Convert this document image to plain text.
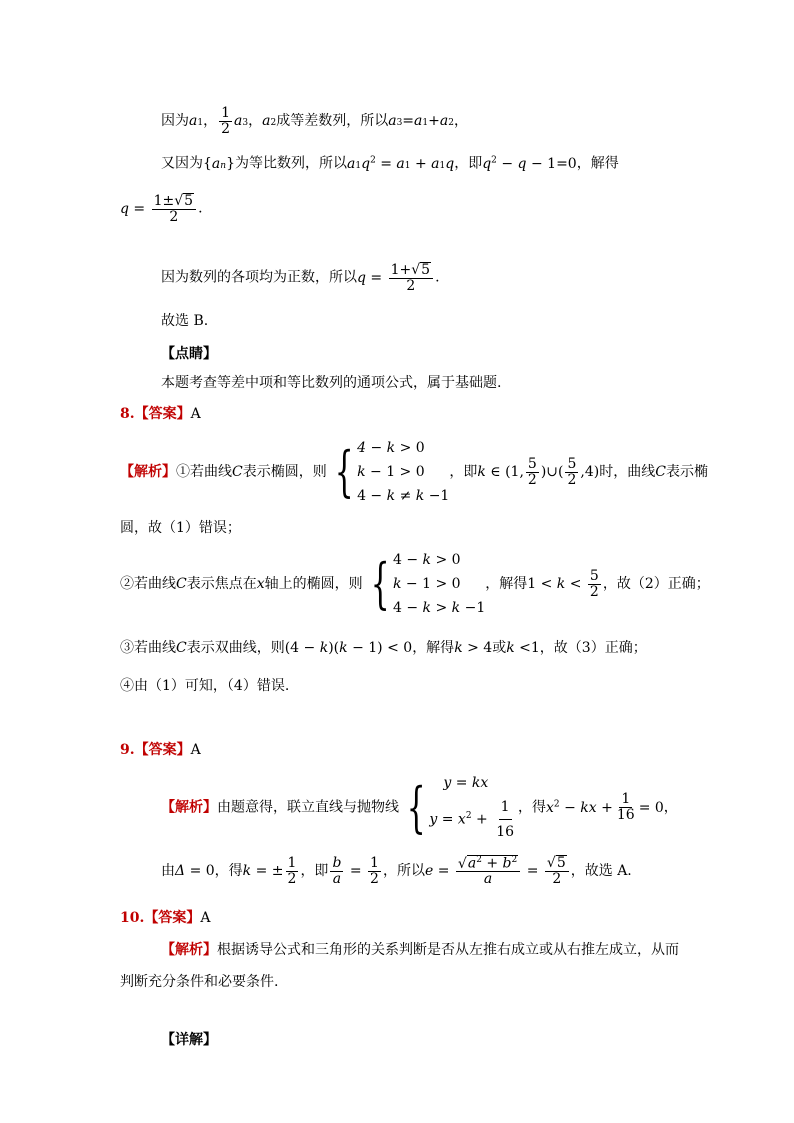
因为a1， $\frac{1}{2} a3$，a2成等差数列，所以a3=a1+a2，
又因为{an}为等比数列，所以$a1q^2 = a1 + a1q$，即$q^2 - q - 1=0$，解得
$q = \frac{1\pm√ 5}{2}$ .
因为数列的各项均为正数，所以$q = \frac{1+√ 5}{2}$ .
故选 B.
【点睛】
本题考查等差中项和等比数列的通项公式，属于基础题.
8.【答案】A
【解析】①若曲线C表示椭圆，则 { 4 − k > 0
k − 1 > 0
4 − k ≠ k −1
，即k ∈ (1, $\frac{5}{2}$ )∪( $\frac{5}{2} ,4$)时，曲线C表示椭
圆，故（1）错误；
②若曲线C表示焦点在x轴上的椭圆，则 { 4 − k > 0
k − 1 > 0
4 − k > k −1
，解得$1 < k < \frac{5}{2}$ ，故（2）正确；
③若曲线C表示双曲线，则(4 − k)(k − 1) < 0，解得k > 4或k <1，故（3）正确；
④由（1）可知，（4）错误.
9.【答案】A
【解析】由题意得，联立直线与抛物线 {	y = kx
$y = x^2 + \frac{1}{16}$ ，得$x^2$ − kx + $\frac{1}{16} = 0$，
由Δ = 0，得k = ± $\frac{1}{2}$ ，即 $\frac{b}{a} = \frac{1}{2}$ ，所以$e = \frac{√ a^2 + b^2}{a} = \frac{√ 5}{2}$ ，故选 A.
10.【答案】A
【解析】根据诱导公式和三角形的关系判断是否从左推右成立或从右推左成立，从而
判断充分条件和必要条件.
【详解】
